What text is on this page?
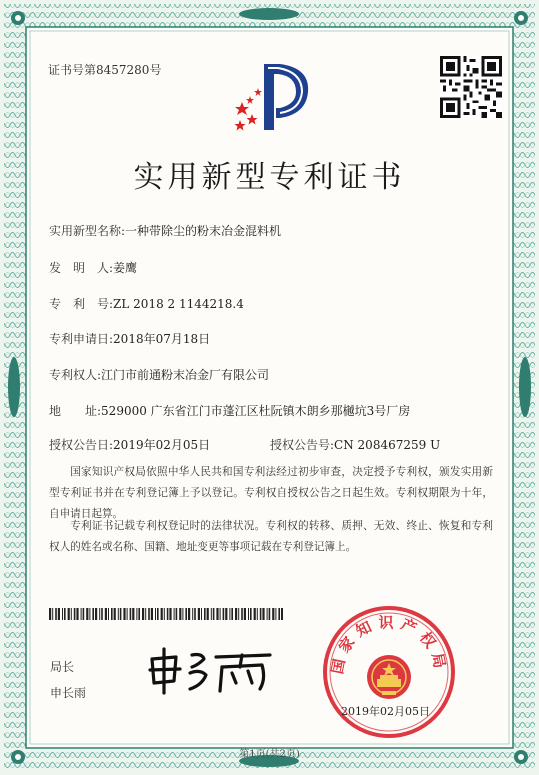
证书号第8457280号
实用新型专利证书
实用新型名称:一种带除尘的粉末冶金混料机
发　明　人:姜鹰
专　利　号:ZL 2018 2 1144218.4
专利申请日:2018年07月18日
专利权人:江门市前通粉末冶金厂有限公司
地　　址:529000 广东省江门市蓬江区杜阮镇木朗乡那樾坑3号厂房
授权公告日:2019年02月05日	授权公告号:CN 208467259 U
国家知识产权局依照中华人民共和国专利法经过初步审查，决定授予专利权，颁发实用新型专利证书并在专利登记簿上予以登记。专利权自授权公告之日起生效。专利权期限为十年，自申请日起算。
专利证书记载专利权登记时的法律状况。专利权的转移、质押、无效、终止、恢复和专利权人的姓名或名称、国籍、地址变更等事项记载在专利登记簿上。
局长
申长雨
国家知识产权局
2019年02月05日
第1页(共2页)
